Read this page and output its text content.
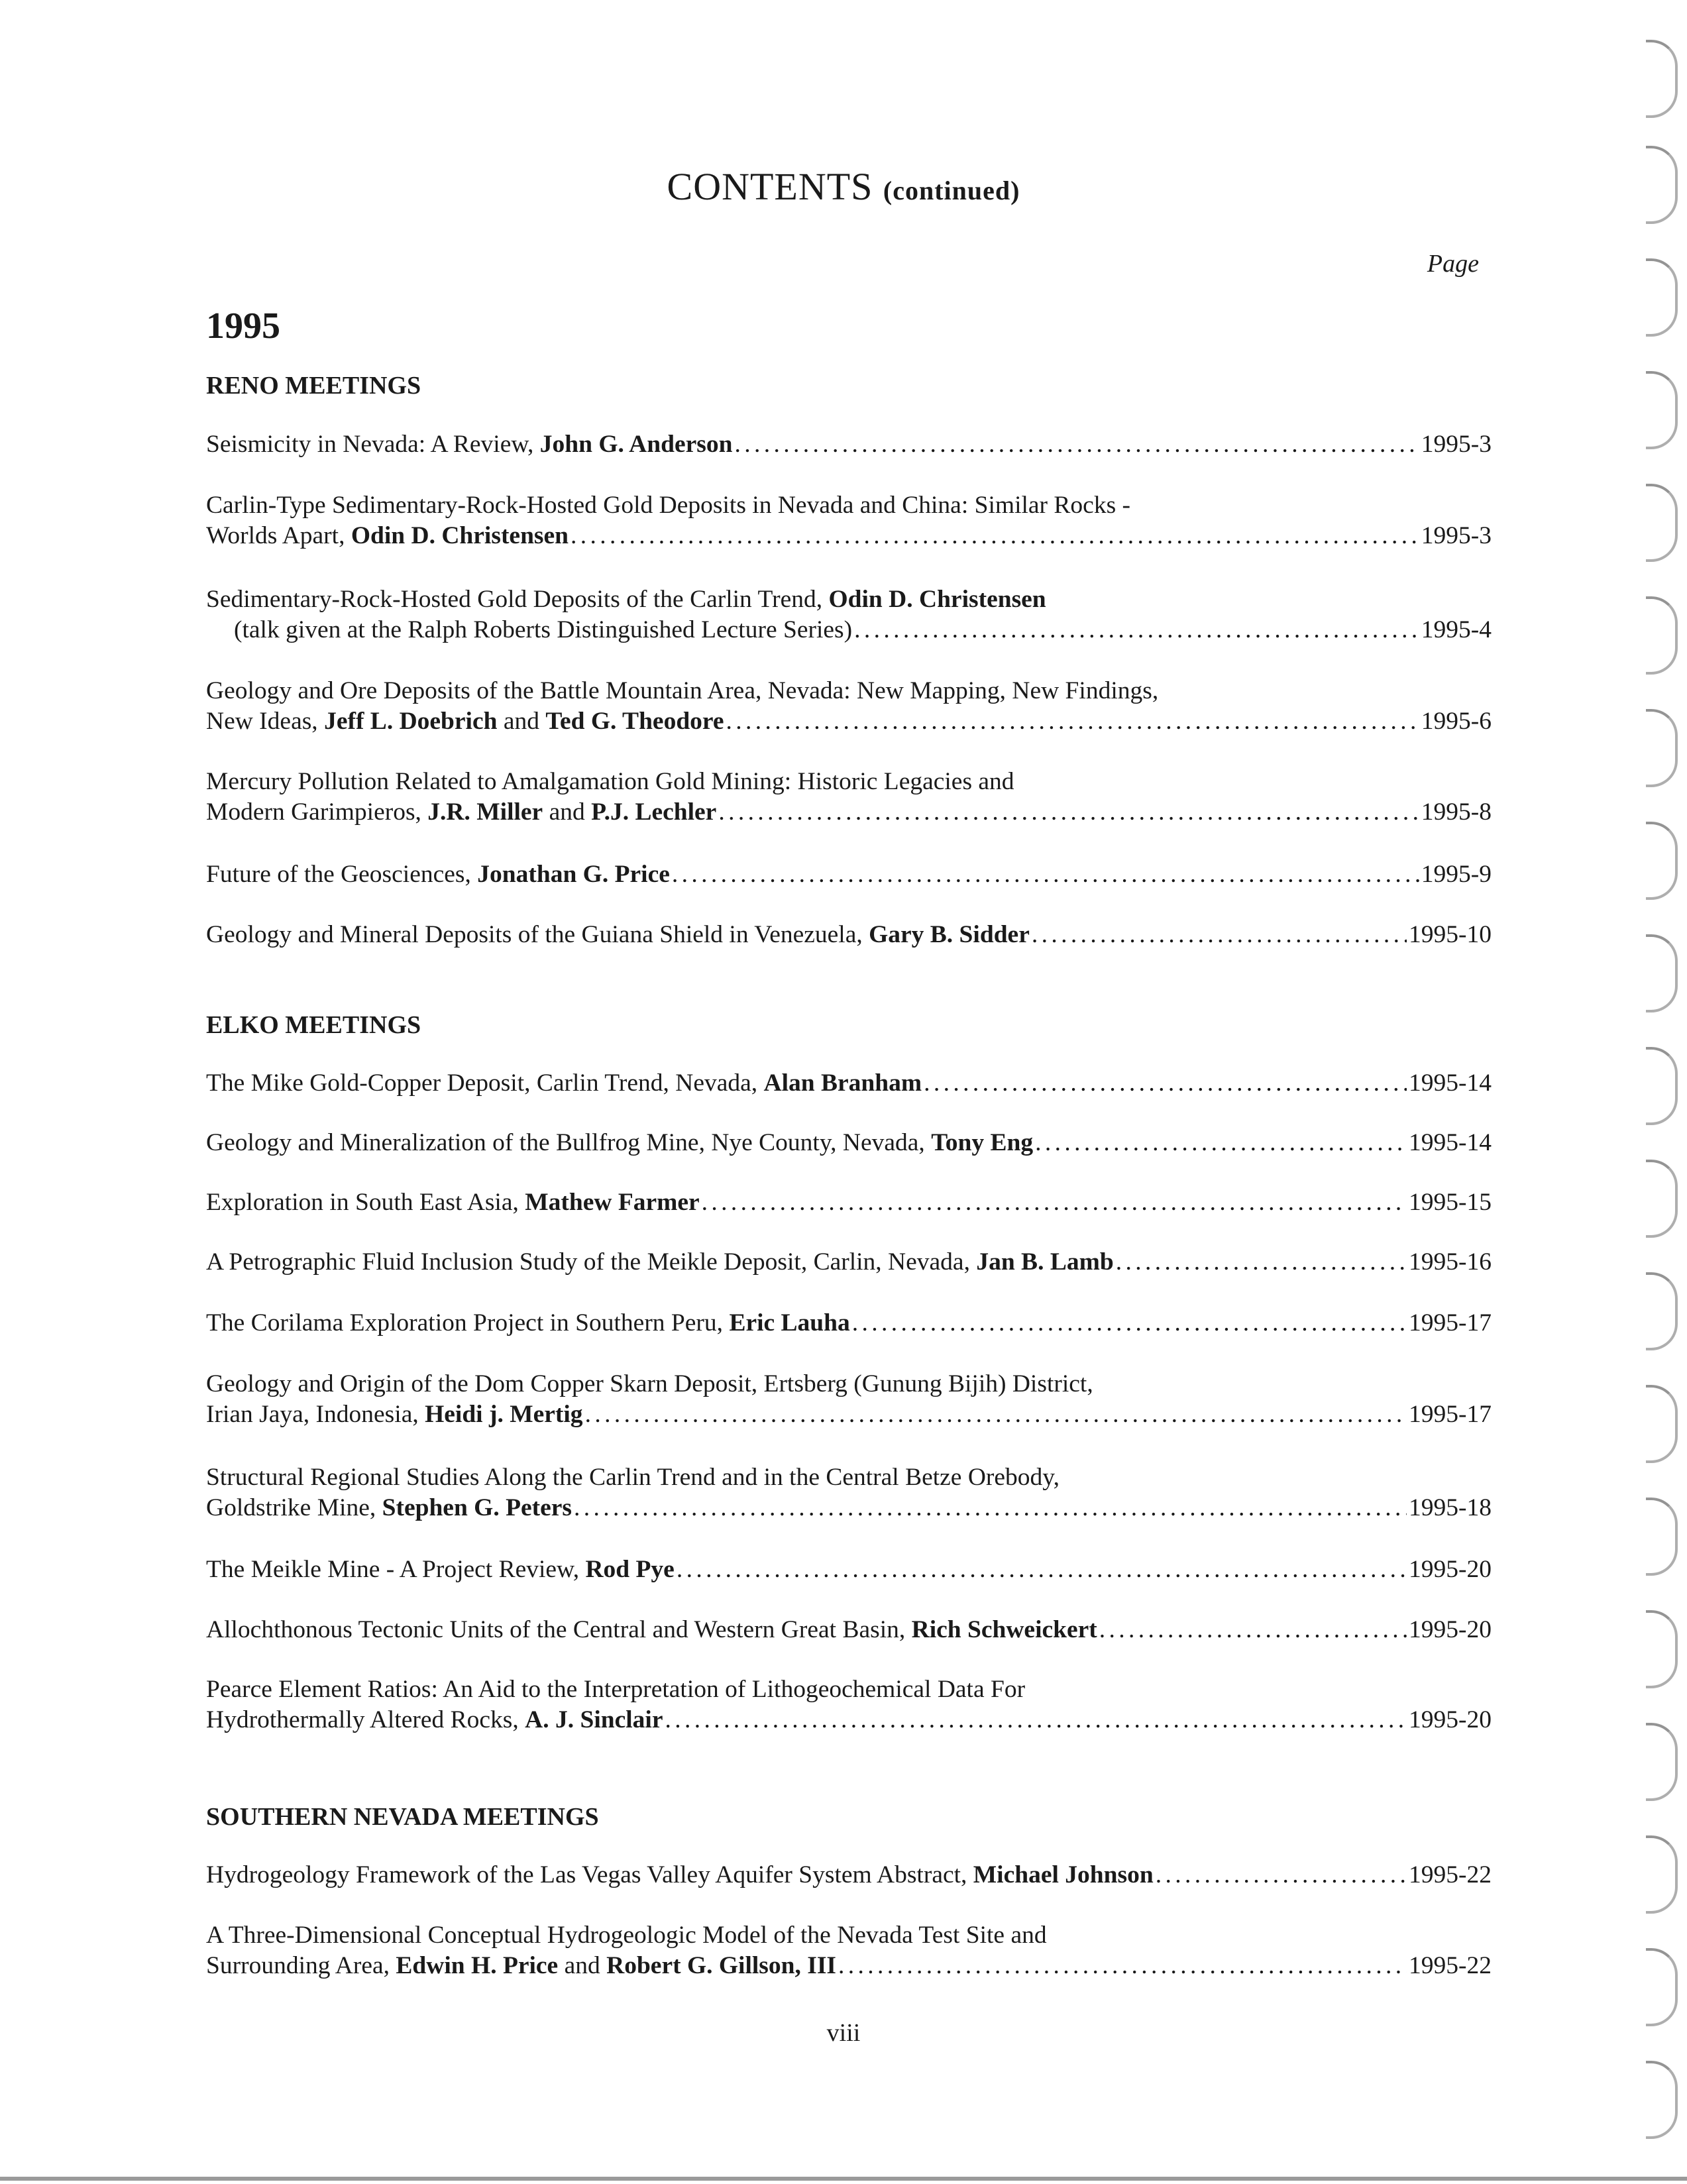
CONTENTS (continued)
Page
1995
RENO MEETINGS
Seismicity in Nevada: A Review, John G. Anderson . . .	1995-3
Carlin-Type Sedimentary-Rock-Hosted Gold Deposits in Nevada and China: Similar Rocks -
Worlds Apart, Odin D. Christensen . . .	1995-3
Sedimentary-Rock-Hosted Gold Deposits of the Carlin Trend, Odin D. Christensen
(talk given at the Ralph Roberts Distinguished Lecture Series) . . .	1995-4
Geology and Ore Deposits of the Battle Mountain Area, Nevada: New Mapping, New Findings,
New Ideas, Jeff L. Doebrich and Ted G. Theodore . . .	1995-6
Mercury Pollution Related to Amalgamation Gold Mining: Historic Legacies and
Modern Garimpieros, J.R. Miller and P.J. Lechler . . .	1995-8
Future of the Geosciences, Jonathan G. Price . . .	1995-9
Geology and Mineral Deposits of the Guiana Shield in Venezuela, Gary B. Sidder . . .	1995-10
ELKO MEETINGS
The Mike Gold-Copper Deposit, Carlin Trend, Nevada, Alan Branham . . .	1995-14
Geology and Mineralization of the Bullfrog Mine, Nye County, Nevada, Tony Eng . . .	1995-14
Exploration in South East Asia, Mathew Farmer . . .	1995-15
A Petrographic Fluid Inclusion Study of the Meikle Deposit, Carlin, Nevada, Jan B. Lamb . . .	1995-16
The Corilama Exploration Project in Southern Peru, Eric Lauha . . .	1995-17
Geology and Origin of the Dom Copper Skarn Deposit, Ertsberg (Gunung Bijih) District,
Irian Jaya, Indonesia, Heidi j. Mertig . . .	1995-17
Structural Regional Studies Along the Carlin Trend and in the Central Betze Orebody,
Goldstrike Mine, Stephen G. Peters . . .	1995-18
The Meikle Mine - A Project Review, Rod Pye . . .	1995-20
Allochthonous Tectonic Units of the Central and Western Great Basin, Rich Schweickert . . .	1995-20
Pearce Element Ratios: An Aid to the Interpretation of Lithogeochemical Data For
Hydrothermally Altered Rocks, A. J. Sinclair . . .	1995-20
SOUTHERN NEVADA MEETINGS
Hydrogeology Framework of the Las Vegas Valley Aquifer System Abstract, Michael Johnson . . .	1995-22
A Three-Dimensional Conceptual Hydrogeologic Model of the Nevada Test Site and
Surrounding Area, Edwin H. Price and Robert G. Gillson, III . . .	1995-22
viii
